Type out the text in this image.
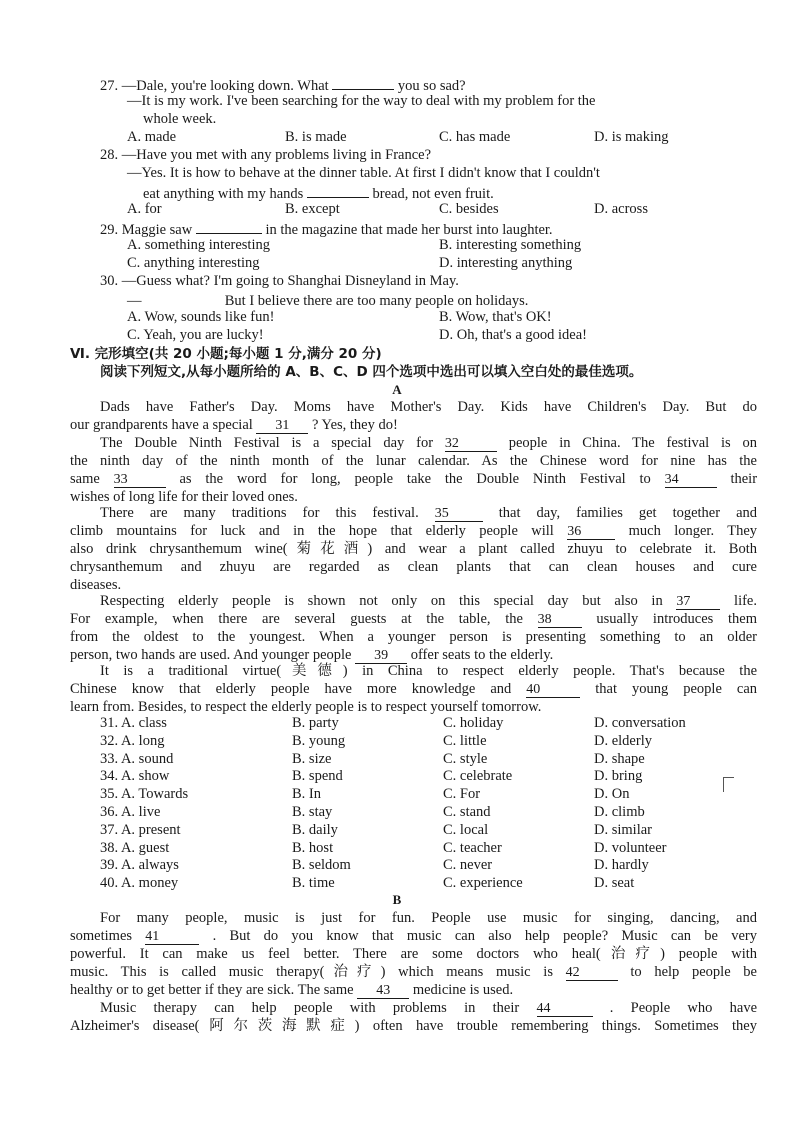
27. —Dale, you're looking down. What	you so sad?
—It is my work. I've been searching for the way to deal with my problem for the
whole week.
A. made	B. is made	C. has made	D. is making
28. —Have you met with any problems living in France?
—Yes. It is how to behave at the dinner table. At first I didn't know that I couldn't
eat anything with my hands	bread, not even fruit.
A. for	B. except	C. besides	D. across
29. Maggie saw	in the magazine that made her burst into laughter.
A. something interesting	B. interesting something
C. anything interesting	D. interesting anything
30. —Guess what? I'm going to Shanghai Disneyland in May.
—	But I believe there are too many people on holidays.
A. Wow, sounds like fun!	B. Wow, that's OK!
C. Yeah, you are lucky!	D. Oh, that's a good idea!
Ⅵ. 完形填空(共 20 小题;每小题 1 分,满分 20 分)
阅读下列短文,从每小题所给的 A、B、C、D 四个选项中选出可以填入空白处的最佳选项。
A
Dads have Father's Day. Moms have Mother's Day. Kids have Children's Day. But do
our grandparents have a special 31 ? Yes, they do!
The Double Ninth Festival is a special day for 32	people in China. The festival is on
the ninth day of the ninth month of the lunar calendar. As the Chinese word for nine has the
same 33	as the word for long, people take the Double Ninth Festival to 34	their
wishes of long life for their loved ones.
There are many traditions for this festival. 35	that day, families get together and
climb mountains for luck and in the hope that elderly people will 36	much longer. They
also drink chrysanthemum wine(菊花酒) and wear a plant called zhuyu to celebrate it. Both
chrysanthemum and zhuyu are regarded as clean plants that can clean houses and cure
diseases.
Respecting elderly people is shown not only on this special day but also in 37	life.
For example, when there are several guests at the table, the 38	usually introduces them
from the oldest to the youngest. When a younger person is presenting something to an older
person, two hands are used. And younger people 39 offer seats to the elderly.
It is a traditional virtue(美德) in China to respect elderly people. That's because the
Chinese know that elderly people have more knowledge and 40	that young people can
learn from. Besides, to respect the elderly people is to respect yourself tomorrow.
31. A. class	B. party	C. holiday	D. conversation
32. A. long	B. young	C. little	D. elderly
33. A. sound	B. size	C. style	D. shape
34. A. show	B. spend	C. celebrate	D. bring
35. A. Towards	B. In	C. For	D. On
36. A. live	B. stay	C. stand	D. climb
37. A. present	B. daily	C. local	D. similar
38. A. guest	B. host	C. teacher	D. volunteer
39. A. always	B. seldom	C. never	D. hardly
40. A. money	B. time	C. experience	D. seat
B
For many people, music is just for fun. People use music for singing, dancing, and
sometimes 41	. But do you know that music can also help people? Music can be very
powerful. It can make us feel better. There are some doctors who heal(治疗) people with
music. This is called music therapy(治疗) which means music is 42	to help people be
healthy or to get better if they are sick. The same 43 medicine is used.
Music therapy can help people with problems in their 44	. People who have
Alzheimer's disease(阿尔茨海默症) often have trouble remembering things. Sometimes they
